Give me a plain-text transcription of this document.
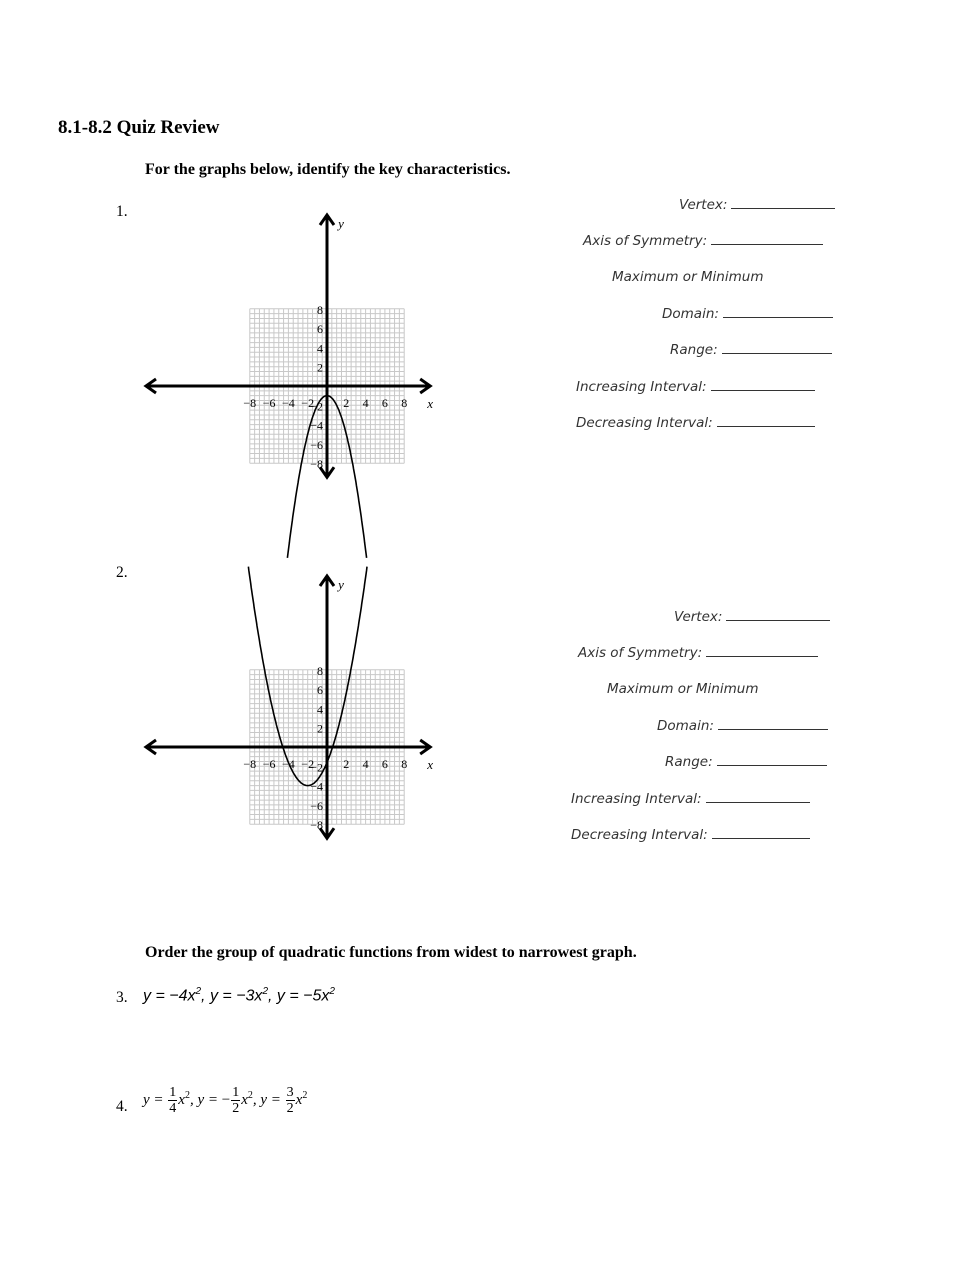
8.1-8.2 Quiz Review
For the graphs below, identify the key characteristics.
1.
2.
−8 −6 −4 −2 2 4 6 8
8
6
4
2
−2
−4
−6
−8
x
y
−8 −6 −4 −2 2 4 6 8
8
6
4
2
−2
−4
−6
−8
x
y
Vertex:
Axis of Symmetry:
Maximum or Minimum
Domain:
Range:
Increasing Interval:
Decreasing Interval:
Vertex:
Axis of Symmetry:
Maximum or Minimum
Domain:
Range:
Increasing Interval:
Decreasing Interval:
Order the group of quadratic functions from widest to narrowest graph.
3. $y = -4x^2$, $y = -3x^2$, $y = -5x^2$
4. $y = \frac{1}{4} x^2$, y = − $\frac{1}{2} x^2$, $y = \frac{3}{2} x^2$
